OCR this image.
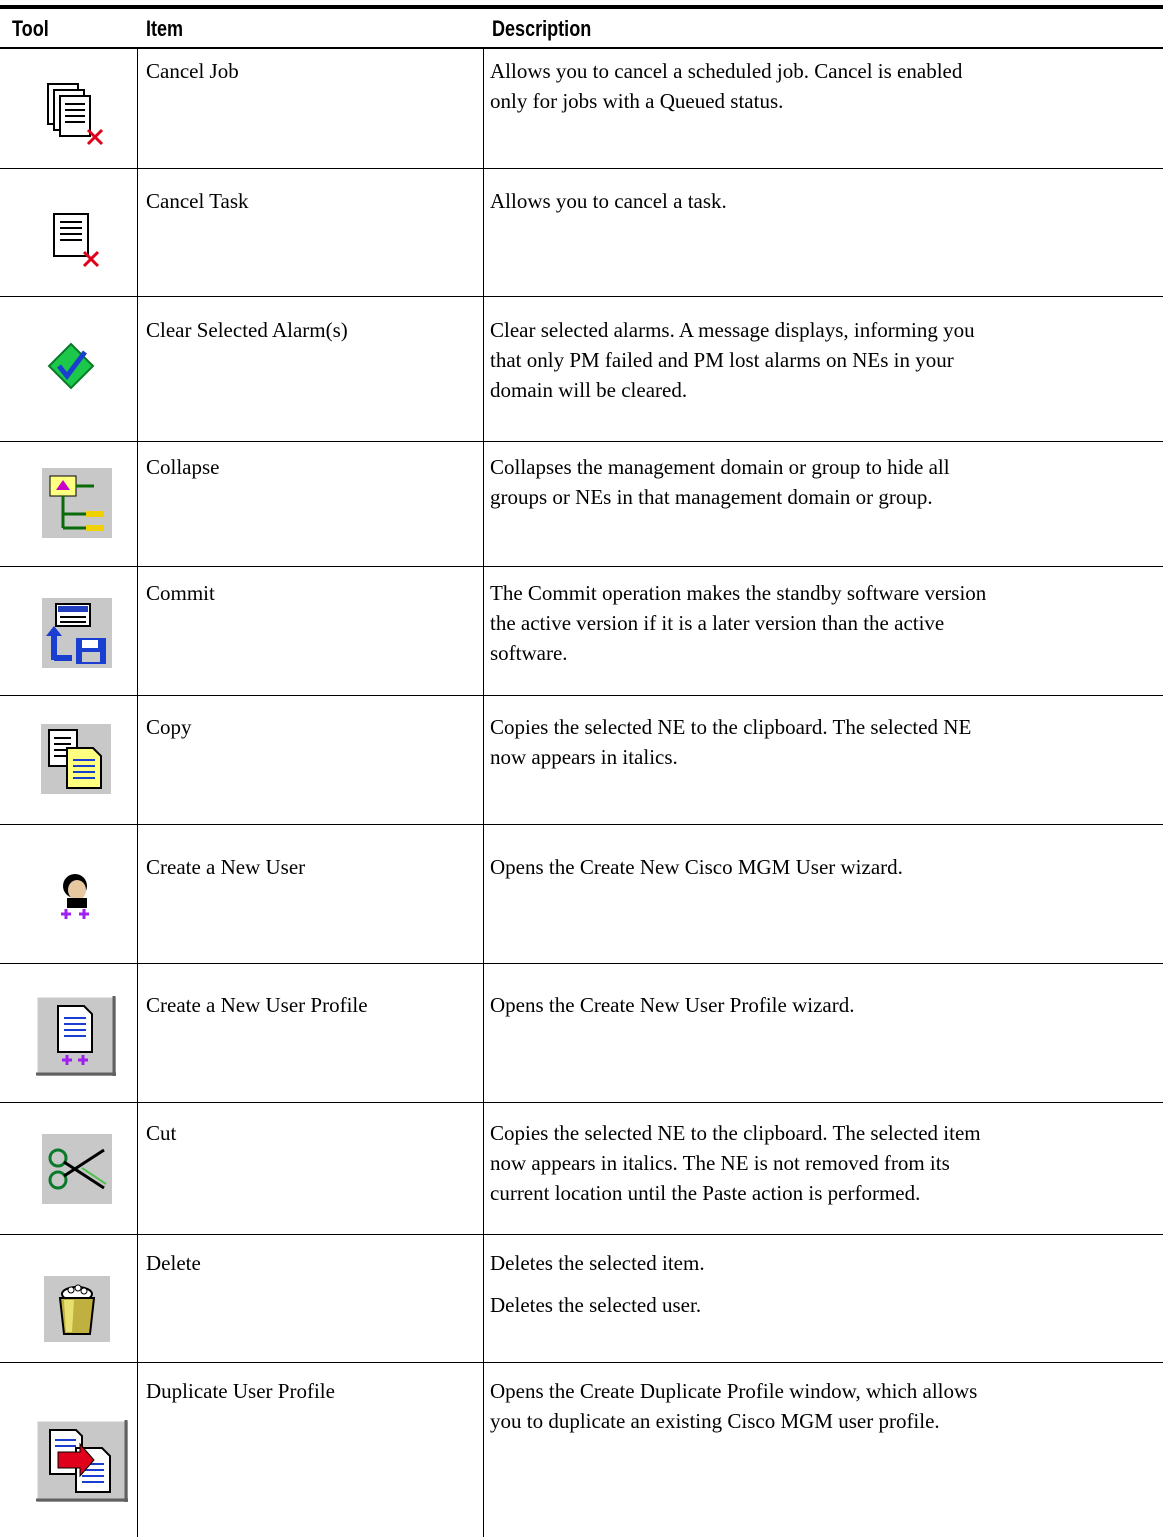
Tool	Item	Description
Cancel Job	Allows you to cancel a scheduled job. Cancel is enabled
only for jobs with a Queued status.
Cancel Task	Allows you to cancel a task.
Clear Selected Alarm(s)	Clear selected alarms. A message displays, informing you
that only PM failed and PM lost alarms on NEs in your
domain will be cleared.
Collapse	Collapses the management domain or group to hide all
groups or NEs in that management domain or group.
Commit	The Commit operation makes the standby software version
the active version if it is a later version than the active
software.
Copy	Copies the selected NE to the clipboard. The selected NE
now appears in italics.
Create a New User	Opens the Create New Cisco MGM User wizard.
Create a New User Profile	Opens the Create New User Profile wizard.
Cut	Copies the selected NE to the clipboard. The selected item
now appears in italics. The NE is not removed from its
current location until the Paste action is performed.
Delete	Deletes the selected item.
Deletes the selected user.
Duplicate User Profile	Opens the Create Duplicate Profile window, which allows
you to duplicate an existing Cisco MGM user profile.
